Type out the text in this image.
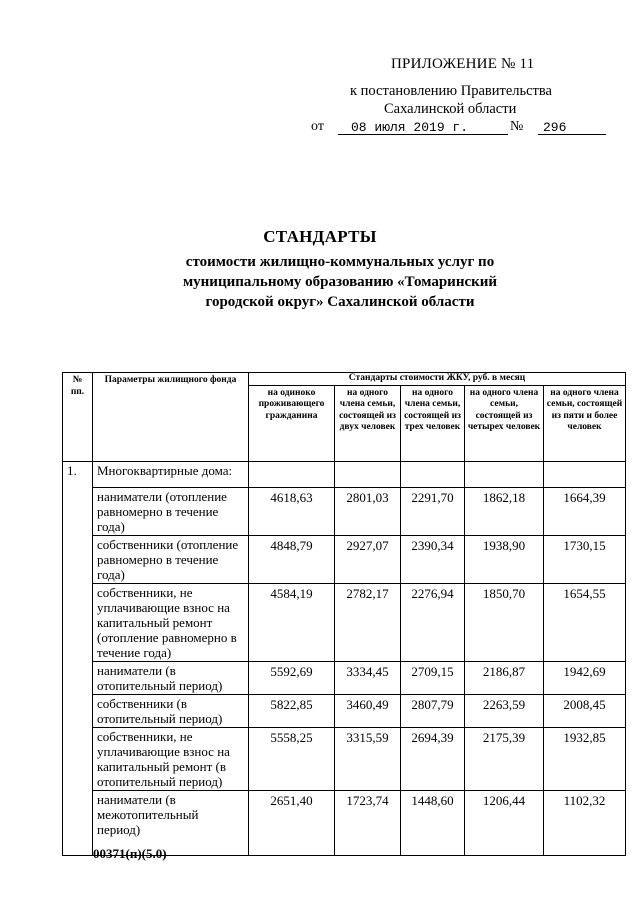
ПРИЛОЖЕНИЕ № 11
к постановлению Правительства
Сахалинской области
от 08 июля 2019 г.	№ 296
СТАНДАРТЫ
стоимости жилищно-коммунальных услуг по
муниципальному образованию «Томаринский
городской округ» Сахалинской области
№ пп.	Параметры жилищного фонда	Стандарты стоимости ЖКУ, руб. в месяц				

		на одиноко проживающего гражданина	на одного члена семьи, состоящей из двух человек	на одного члена семьи, состоящей из трех человек	на одного члена семьи, состоящей из четырех человек	на одного члена семьи, состоящей из пяти и более человек

1.	Многоквартирные дома:					
	наниматели (отопление равномерно в течение года)	4618,63	2801,03	2291,70	1862,18	1664,39
	собственники (отопление равномерно в течение года)	4848,79	2927,07	2390,34	1938,90	1730,15
	собственники, не уплачивающие взнос на капитальный ремонт (отопление равномерно в течение года)	4584,19	2782,17	2276,94	1850,70	1654,55
	наниматели (в отопительный период)	5592,69	3334,45	2709,15	2186,87	1942,69
	собственники (в отопительный период)	5822,85	3460,49	2807,79	2263,59	2008,45
	собственники, не уплачивающие взнос на капитальный ремонт (в отопительный период)	5558,25	3315,59	2694,39	2175,39	1932,85
	наниматели (в межотопительный период)	2651,40	1723,74	1448,60	1206,44	1102,32
00371(п)(5.0)
